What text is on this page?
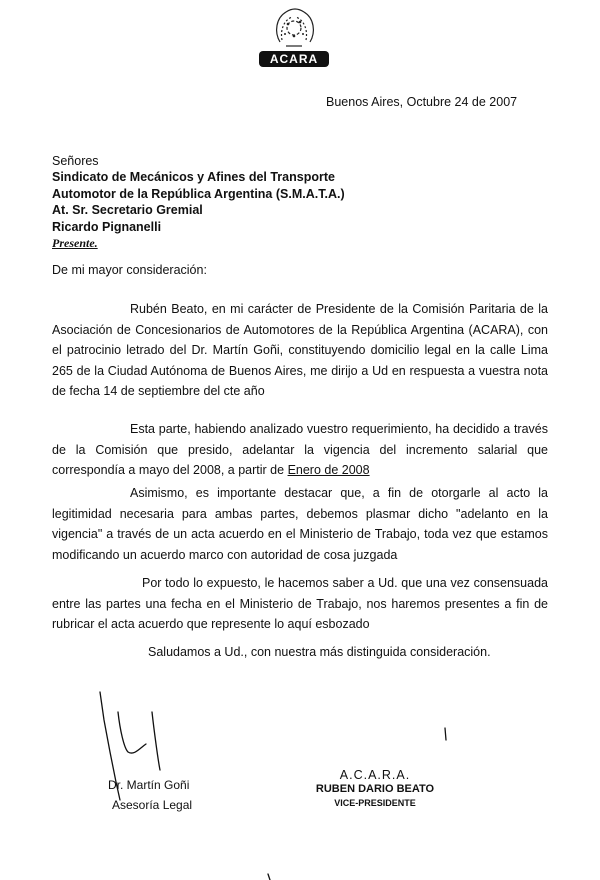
ACARA
Buenos Aires, Octubre 24 de 2007
Señores
Sindicato de Mecánicos y Afines del Transporte
Automotor de la República Argentina (S.M.A.T.A.)
At. Sr. Secretario Gremial
Ricardo Pignanelli
Presente.
De mi mayor consideración:
Rubén Beato, en mi carácter de Presidente de la Comisión Paritaria de la Asociación de Concesionarios de Automotores de la República Argentina (ACARA), con el patrocinio letrado del Dr. Martín Goñi, constituyendo domicilio legal en la calle Lima 265 de la Ciudad Autónoma de Buenos Aires, me dirijo a Ud en respuesta a vuestra nota de fecha 14 de septiembre del cte año
Esta parte, habiendo analizado vuestro requerimiento, ha decidido a través de la Comisión que presido, adelantar la vigencia del incremento salarial que correspondía a mayo del 2008, a partir de Enero de 2008
Asimismo, es importante destacar que, a fin de otorgarle al acto la legitimidad necesaria para ambas partes, debemos plasmar dicho "adelanto en la vigencia" a través de un acta acuerdo en el Ministerio de Trabajo, toda vez que estamos modificando un acuerdo marco con autoridad de cosa juzgada
Por todo lo expuesto, le hacemos saber a Ud. que una vez consensuada entre las partes una fecha en el Ministerio de Trabajo, nos haremos presentes a fin de rubricar el acta acuerdo que represente lo aquí esbozado
Saludamos a Ud., con nuestra más distinguida consideración.
Dr. Martín Goñi
Asesoría Legal
A.C.A.R.A.
RUBEN DARIO BEATO
VICE-PRESIDENTE
